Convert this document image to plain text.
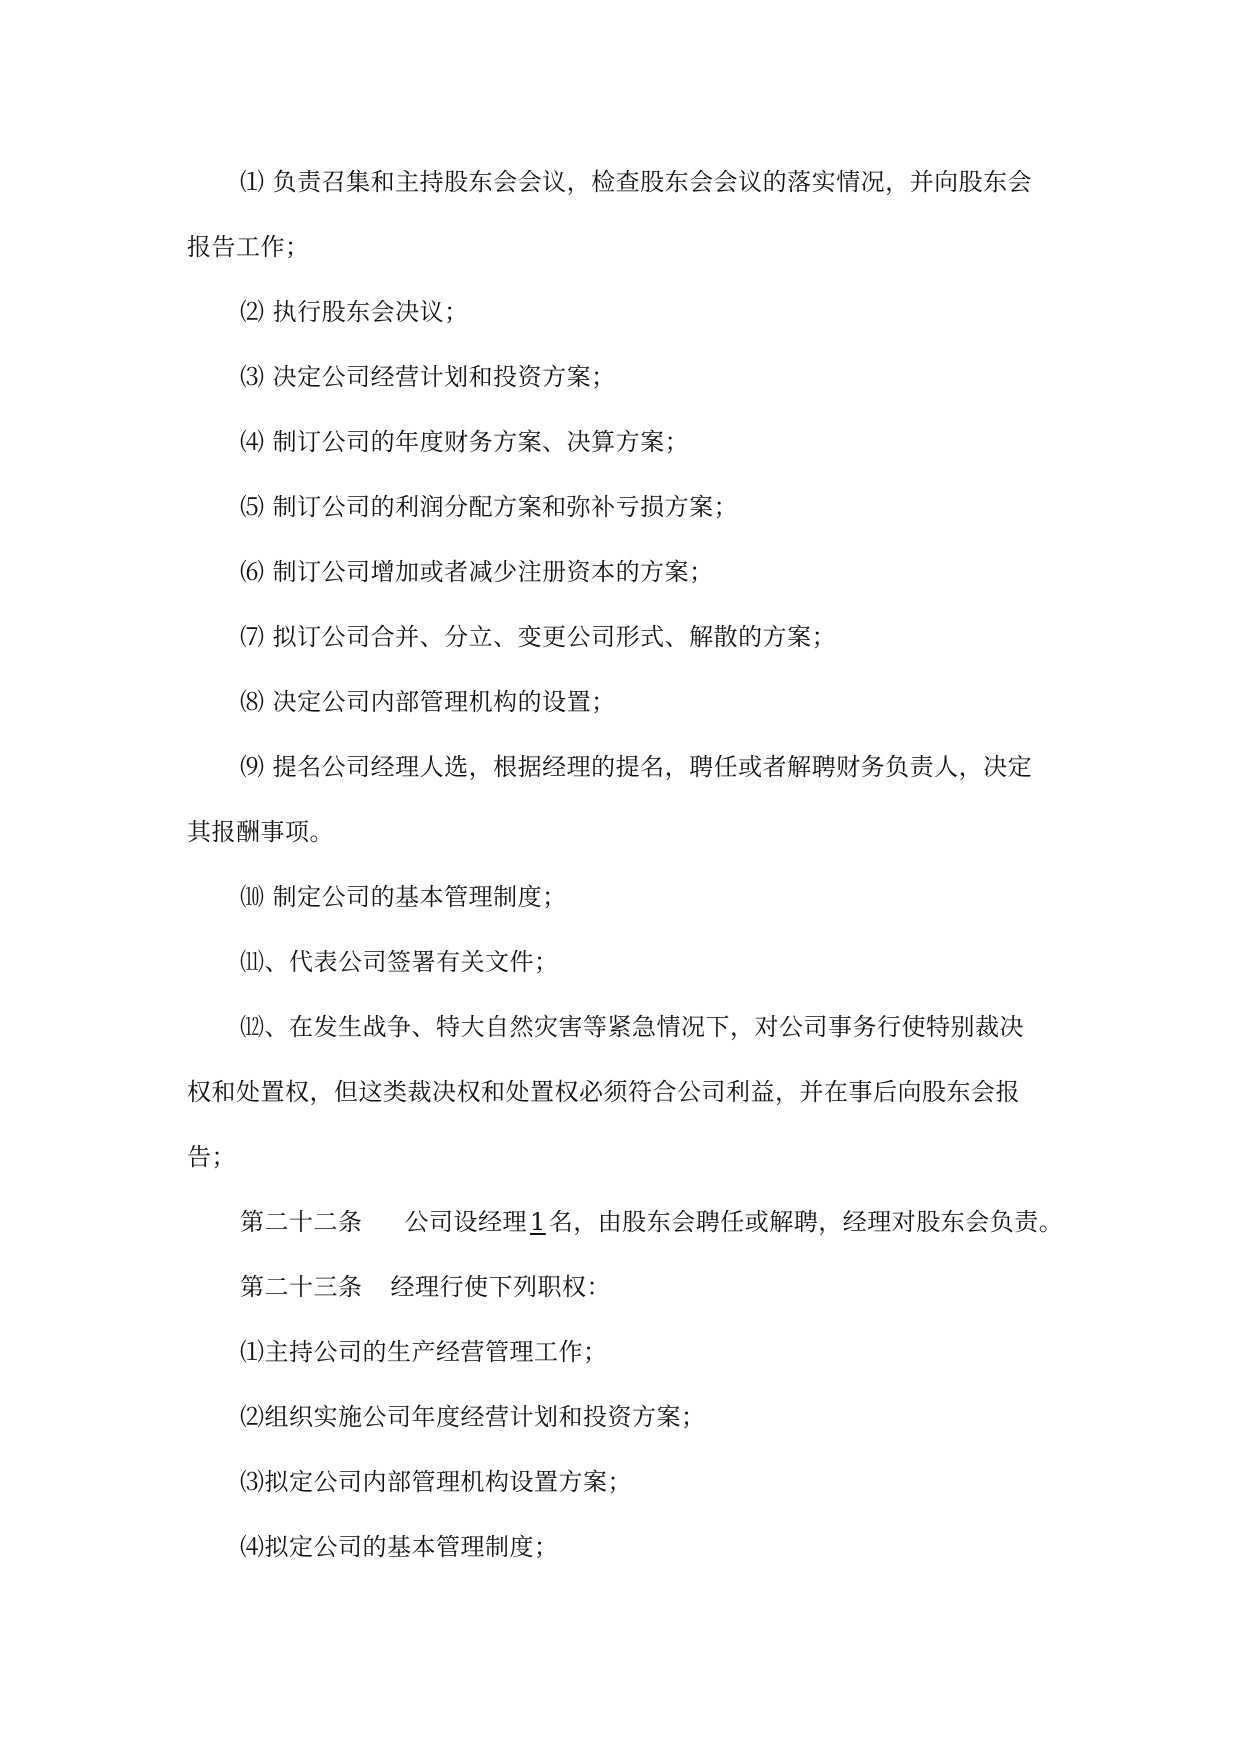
⑴ 负责召集和主持股东会会议，检查股东会会议的落实情况，并向股东会
报告工作；
⑵ 执行股东会决议；
⑶ 决定公司经营计划和投资方案；
⑷ 制订公司的年度财务方案、决算方案；
⑸ 制订公司的利润分配方案和弥补亏损方案；
⑹ 制订公司增加或者减少注册资本的方案；
⑺ 拟订公司合并、分立、变更公司形式、解散的方案；
⑻ 决定公司内部管理机构的设置；
⑼ 提名公司经理人选，根据经理的提名，聘任或者解聘财务负责人，决定
其报酬事项。
⑽ 制定公司的基本管理制度；
⑾、代表公司签署有关文件；
⑿、在发生战争、特大自然灾害等紧急情况下，对公司事务行使特别裁决
权和处置权，但这类裁决权和处置权必须符合公司利益，并在事后向股东会报
告；
第二十二条 公司设经理 1 名，由股东会聘任或解聘，经理对股东会负责。
第二十三条 经理行使下列职权：
⑴主持公司的生产经营管理工作；
⑵组织实施公司年度经营计划和投资方案；
⑶拟定公司内部管理机构设置方案；
⑷拟定公司的基本管理制度；
